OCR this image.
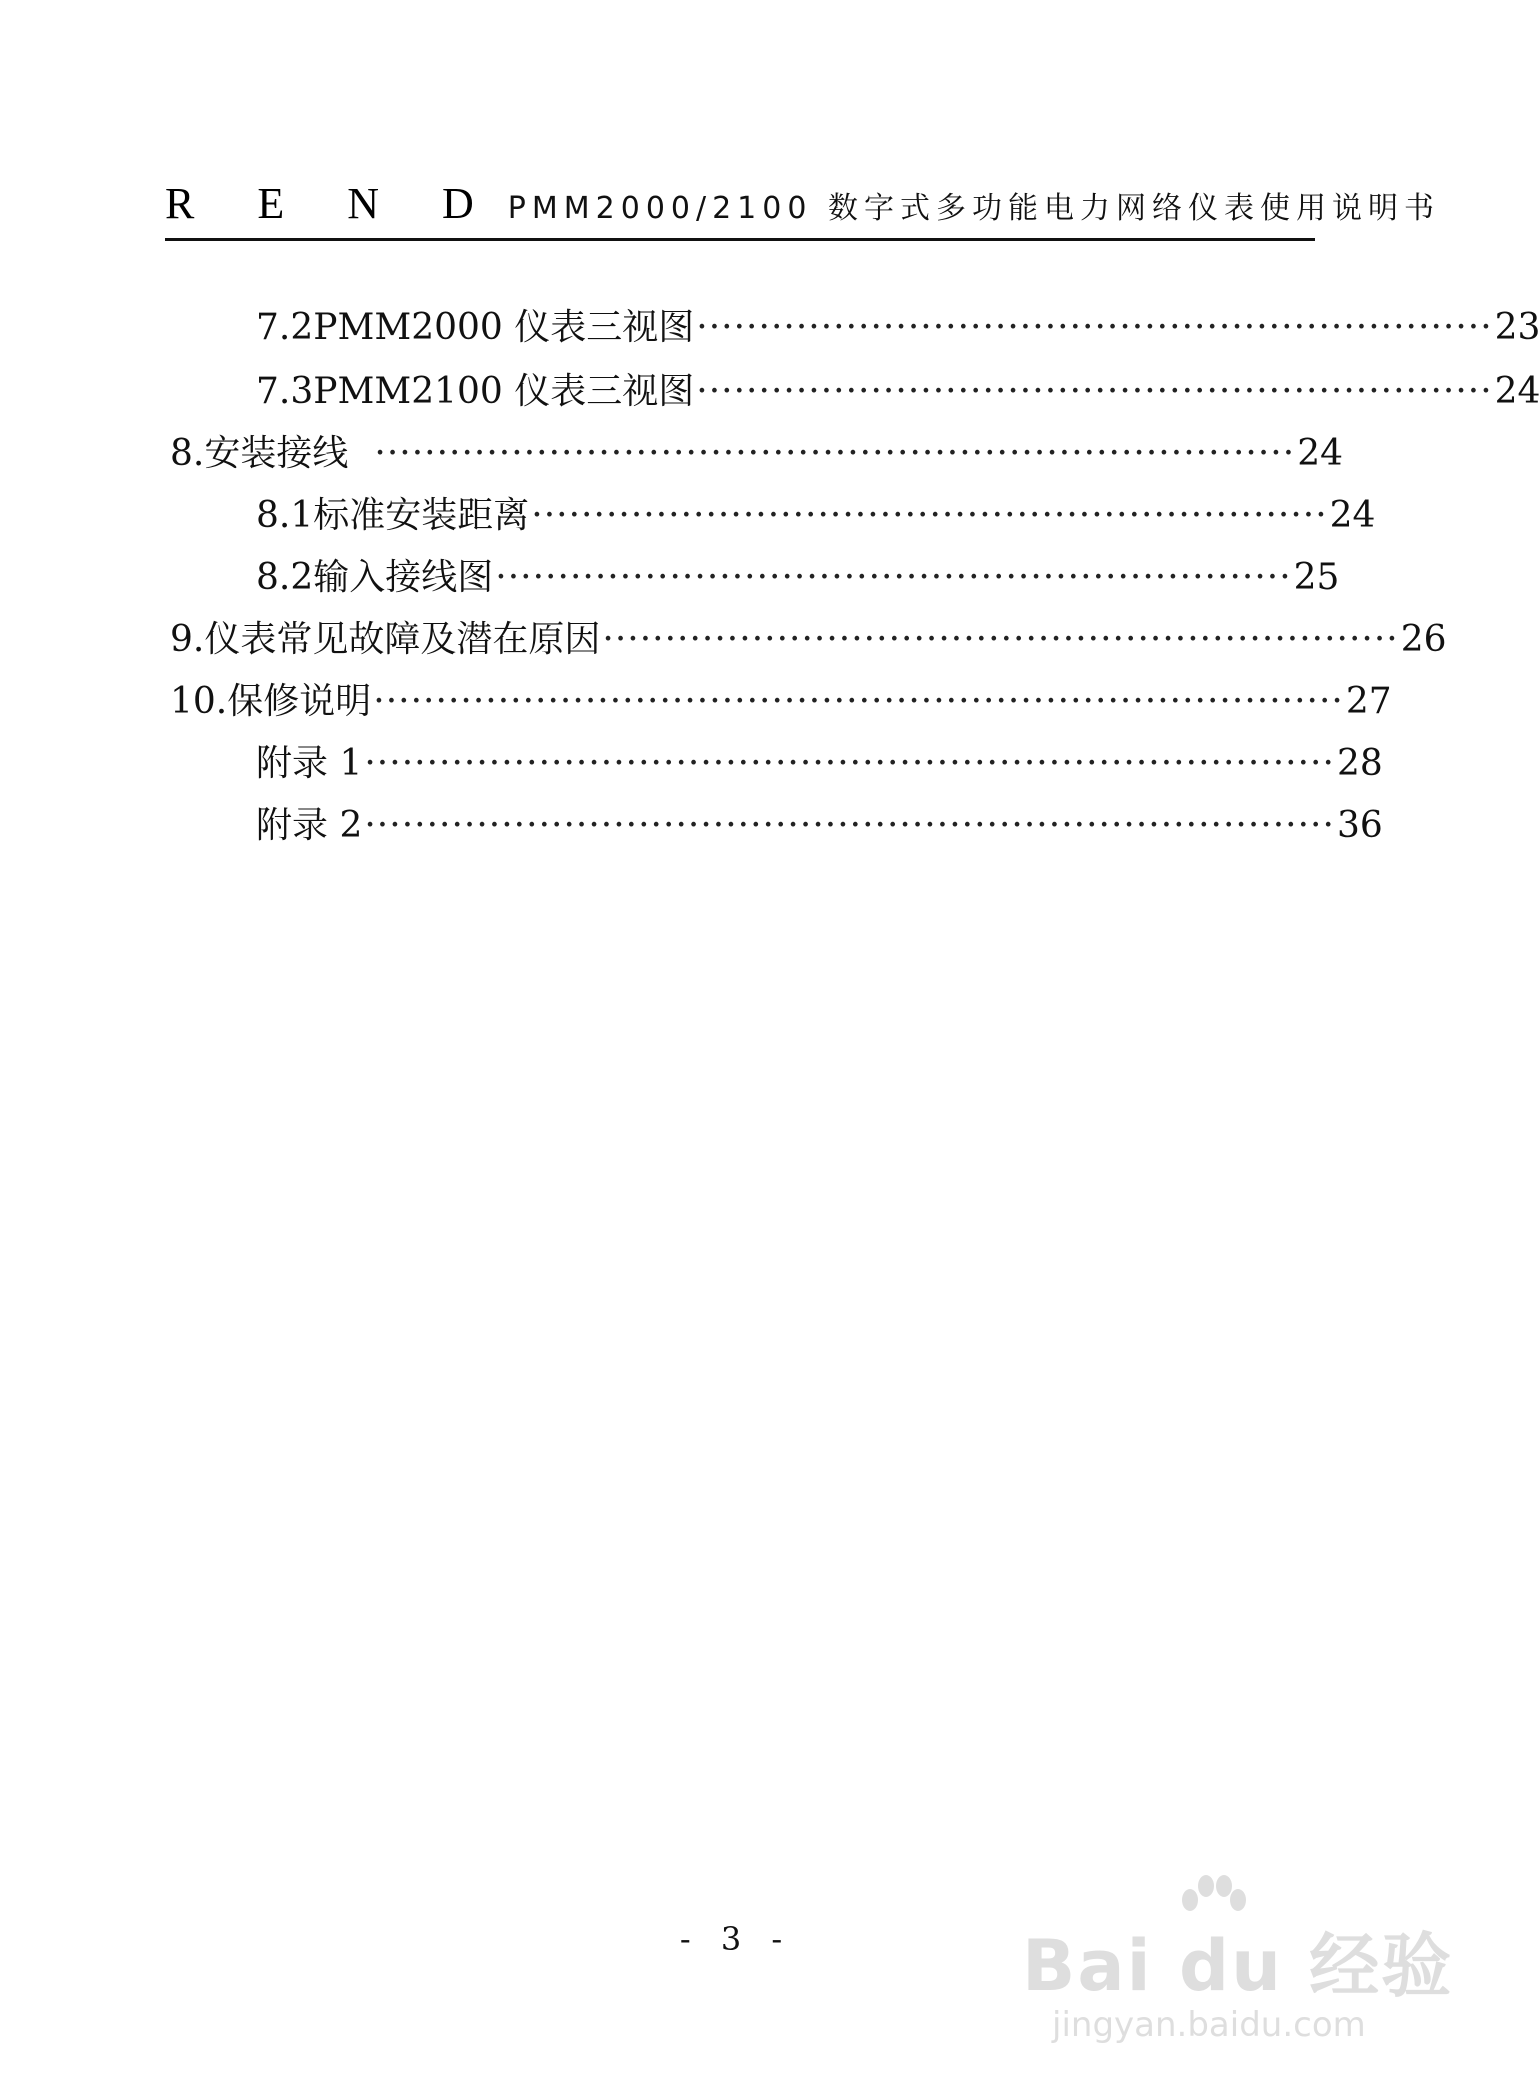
R E N D PMM2000/2100 数字式多功能电力网络仪表使用说明书
7.2 PMM2000 仪表三视图 ································································ 23
7.3 PMM2100 仪表三视图 ································································ 24
8. 安装接线 ·········································································· 24
8.1 标准安装距离 ································································ 24
8.2 输入接线图 ································································ 25
9. 仪表常见故障及潜在原因 ································································ 26
10. 保修说明 ·············································································· 27
附录 1 ·············································································· 28
附录 2 ·············································································· 36
- 3 -	Bai du 经验
jingyan.baidu.com
